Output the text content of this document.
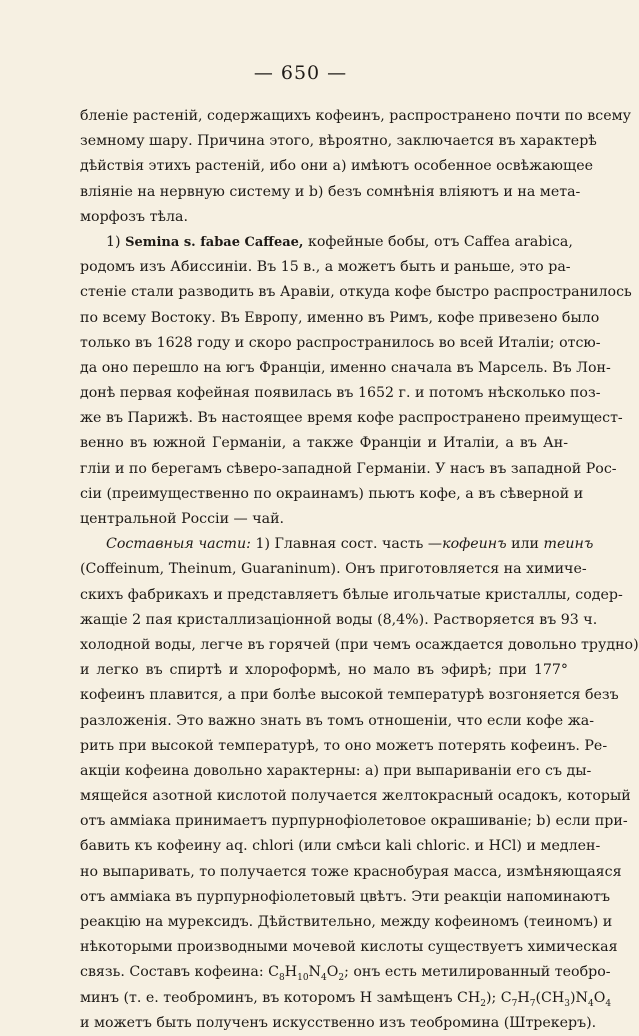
— 650 —
бленіе растеній, содержащихъ кофеинъ, распространено почти по всему
земному шару. Причина этого, вѣроятно, заключается въ характерѣ
дѣйствія этихъ растеній, ибо они а) имѣютъ особенное освѣжающее
вліяніе на нервную систему и b) безъ сомнѣнія вліяютъ и на мета-
морфозъ тѣла.
1) Semina s. fabae Caffeae, кофейные бобы, отъ Caffea arabica,
родомъ изъ Абиссиніи. Въ 15 в., а можетъ быть и раньше, это ра-
стеніе стали разводить въ Аравіи, откуда кофе быстро распространилось
по всему Востоку. Въ Европу, именно въ Римъ, кофе привезено было
только въ 1628 году и скоро распространилось во всей Италіи; отсю-
да оно перешло на югъ Франціи, именно сначала въ Марсель. Въ Лон-
донѣ первая кофейная появилась въ 1652 г. и потомъ нѣсколько поз-
же въ Парижѣ. Въ настоящее время кофе распространено преимущест-
венно въ южной Германіи, а также Франціи и Италіи, а въ Ан-
гліи и по берегамъ сѣверо-западной Германіи. У насъ въ западной Рос-
сіи (преимущественно по окраинамъ) пьютъ кофе, а въ сѣверной и
центральной Россіи — чай.
Составныя части: 1) Главная сост. часть —кофеинъ или теинъ
(Coffeinum, Theinum, Guaraninum). Онъ приготовляется на химиче-
скихъ фабрикахъ и представляетъ бѣлые игольчатые кристаллы, содер-
жащіе 2 пая кристаллизаціонной воды (8,4%). Растворяется въ 93 ч.
холодной воды, легче въ горячей (при чемъ осаждается довольно трудно)
и легко въ спиртѣ и хлороформѣ, но мало въ эфирѣ; при 177°
кофеинъ плавится, а при болѣе высокой температурѣ возгоняется безъ
разложенія. Это важно знать въ томъ отношеніи, что если кофе жа-
рить при высокой температурѣ, то оно можетъ потерять кофеинъ. Ре-
акціи кофеина довольно характерны: а) при выпариваніи его съ ды-
мящейся азотной кислотой получается желтокрасный осадокъ, который
отъ аммiака принимаетъ пурпурнофіолетовое окрашиваніе; b) если при-
бавить къ кофеину aq. chlori (или смѣси kali chloric. и HCl) и медлен-
но выпаривать, то получается тоже краснобурая масса, измѣняющаяся
отъ аммiака въ пурпурнофіолетовый цвѣтъ. Эти реакціи напоминаютъ
реакцію на мурексидъ. Дѣйствительно, между кофеиномъ (теиномъ) и
нѣкоторыми производными мочевой кислоты существуетъ химическая
связь. Составъ кофеина: $C_8H_{10}N_4O_2$; онъ есть метилированный теобро-
минъ (т. е. теоброминъ, въ которомъ H замѣщенъ $CH_2$); $C_7H_7(CH_3)N_4O_4$
и можетъ быть полученъ искусственно изъ теобромина (Штрекеръ).
